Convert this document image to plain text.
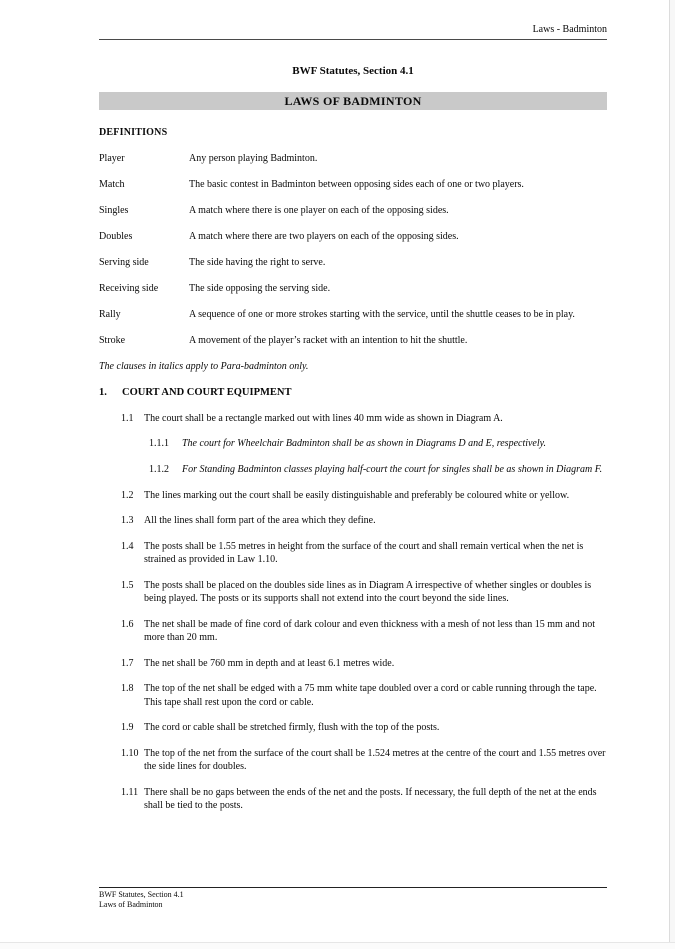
Laws - Badminton
BWF Statutes, Section 4.1
LAWS OF BADMINTON
DEFINITIONS
Player	Any person playing Badminton.
Match	The basic contest in Badminton between opposing sides each of one or two players.
Singles	A match where there is one player on each of the opposing sides.
Doubles	A match where there are two players on each of the opposing sides.
Serving side	The side having the right to serve.
Receiving side	The side opposing the serving side.
Rally	A sequence of one or more strokes starting with the service, until the shuttle ceases to be in play.
Stroke	A movement of the player’s racket with an intention to hit the shuttle.
The clauses in italics apply to Para-badminton only.
1.	COURT AND COURT EQUIPMENT
1.1	The court shall be a rectangle marked out with lines 40 mm wide as shown in Diagram A.
1.1.1	The court for Wheelchair Badminton shall be as shown in Diagrams D and E, respectively.
1.1.2	For Standing Badminton classes playing half-court the court for singles shall be as shown in Diagram F.
1.2	The lines marking out the court shall be easily distinguishable and preferably be coloured white or yellow.
1.3	All the lines shall form part of the area which they define.
1.4	The posts shall be 1.55 metres in height from the surface of the court and shall remain vertical when the net is strained as provided in Law 1.10.
1.5	The posts shall be placed on the doubles side lines as in Diagram A irrespective of whether singles or doubles is being played. The posts or its supports shall not extend into the court beyond the side lines.
1.6	The net shall be made of fine cord of dark colour and even thickness with a mesh of not less than 15 mm and not more than 20 mm.
1.7	The net shall be 760 mm in depth and at least 6.1 metres wide.
1.8	The top of the net shall be edged with a 75 mm white tape doubled over a cord or cable running through the tape. This tape shall rest upon the cord or cable.
1.9	The cord or cable shall be stretched firmly, flush with the top of the posts.
1.10 The top of the net from the surface of the court shall be 1.524 metres at the centre of the court and 1.55 metres over the side lines for doubles.
1.11 There shall be no gaps between the ends of the net and the posts. If necessary, the full depth of the net at the ends shall be tied to the posts.
BWF Statutes, Section 4.1
Laws of Badminton
